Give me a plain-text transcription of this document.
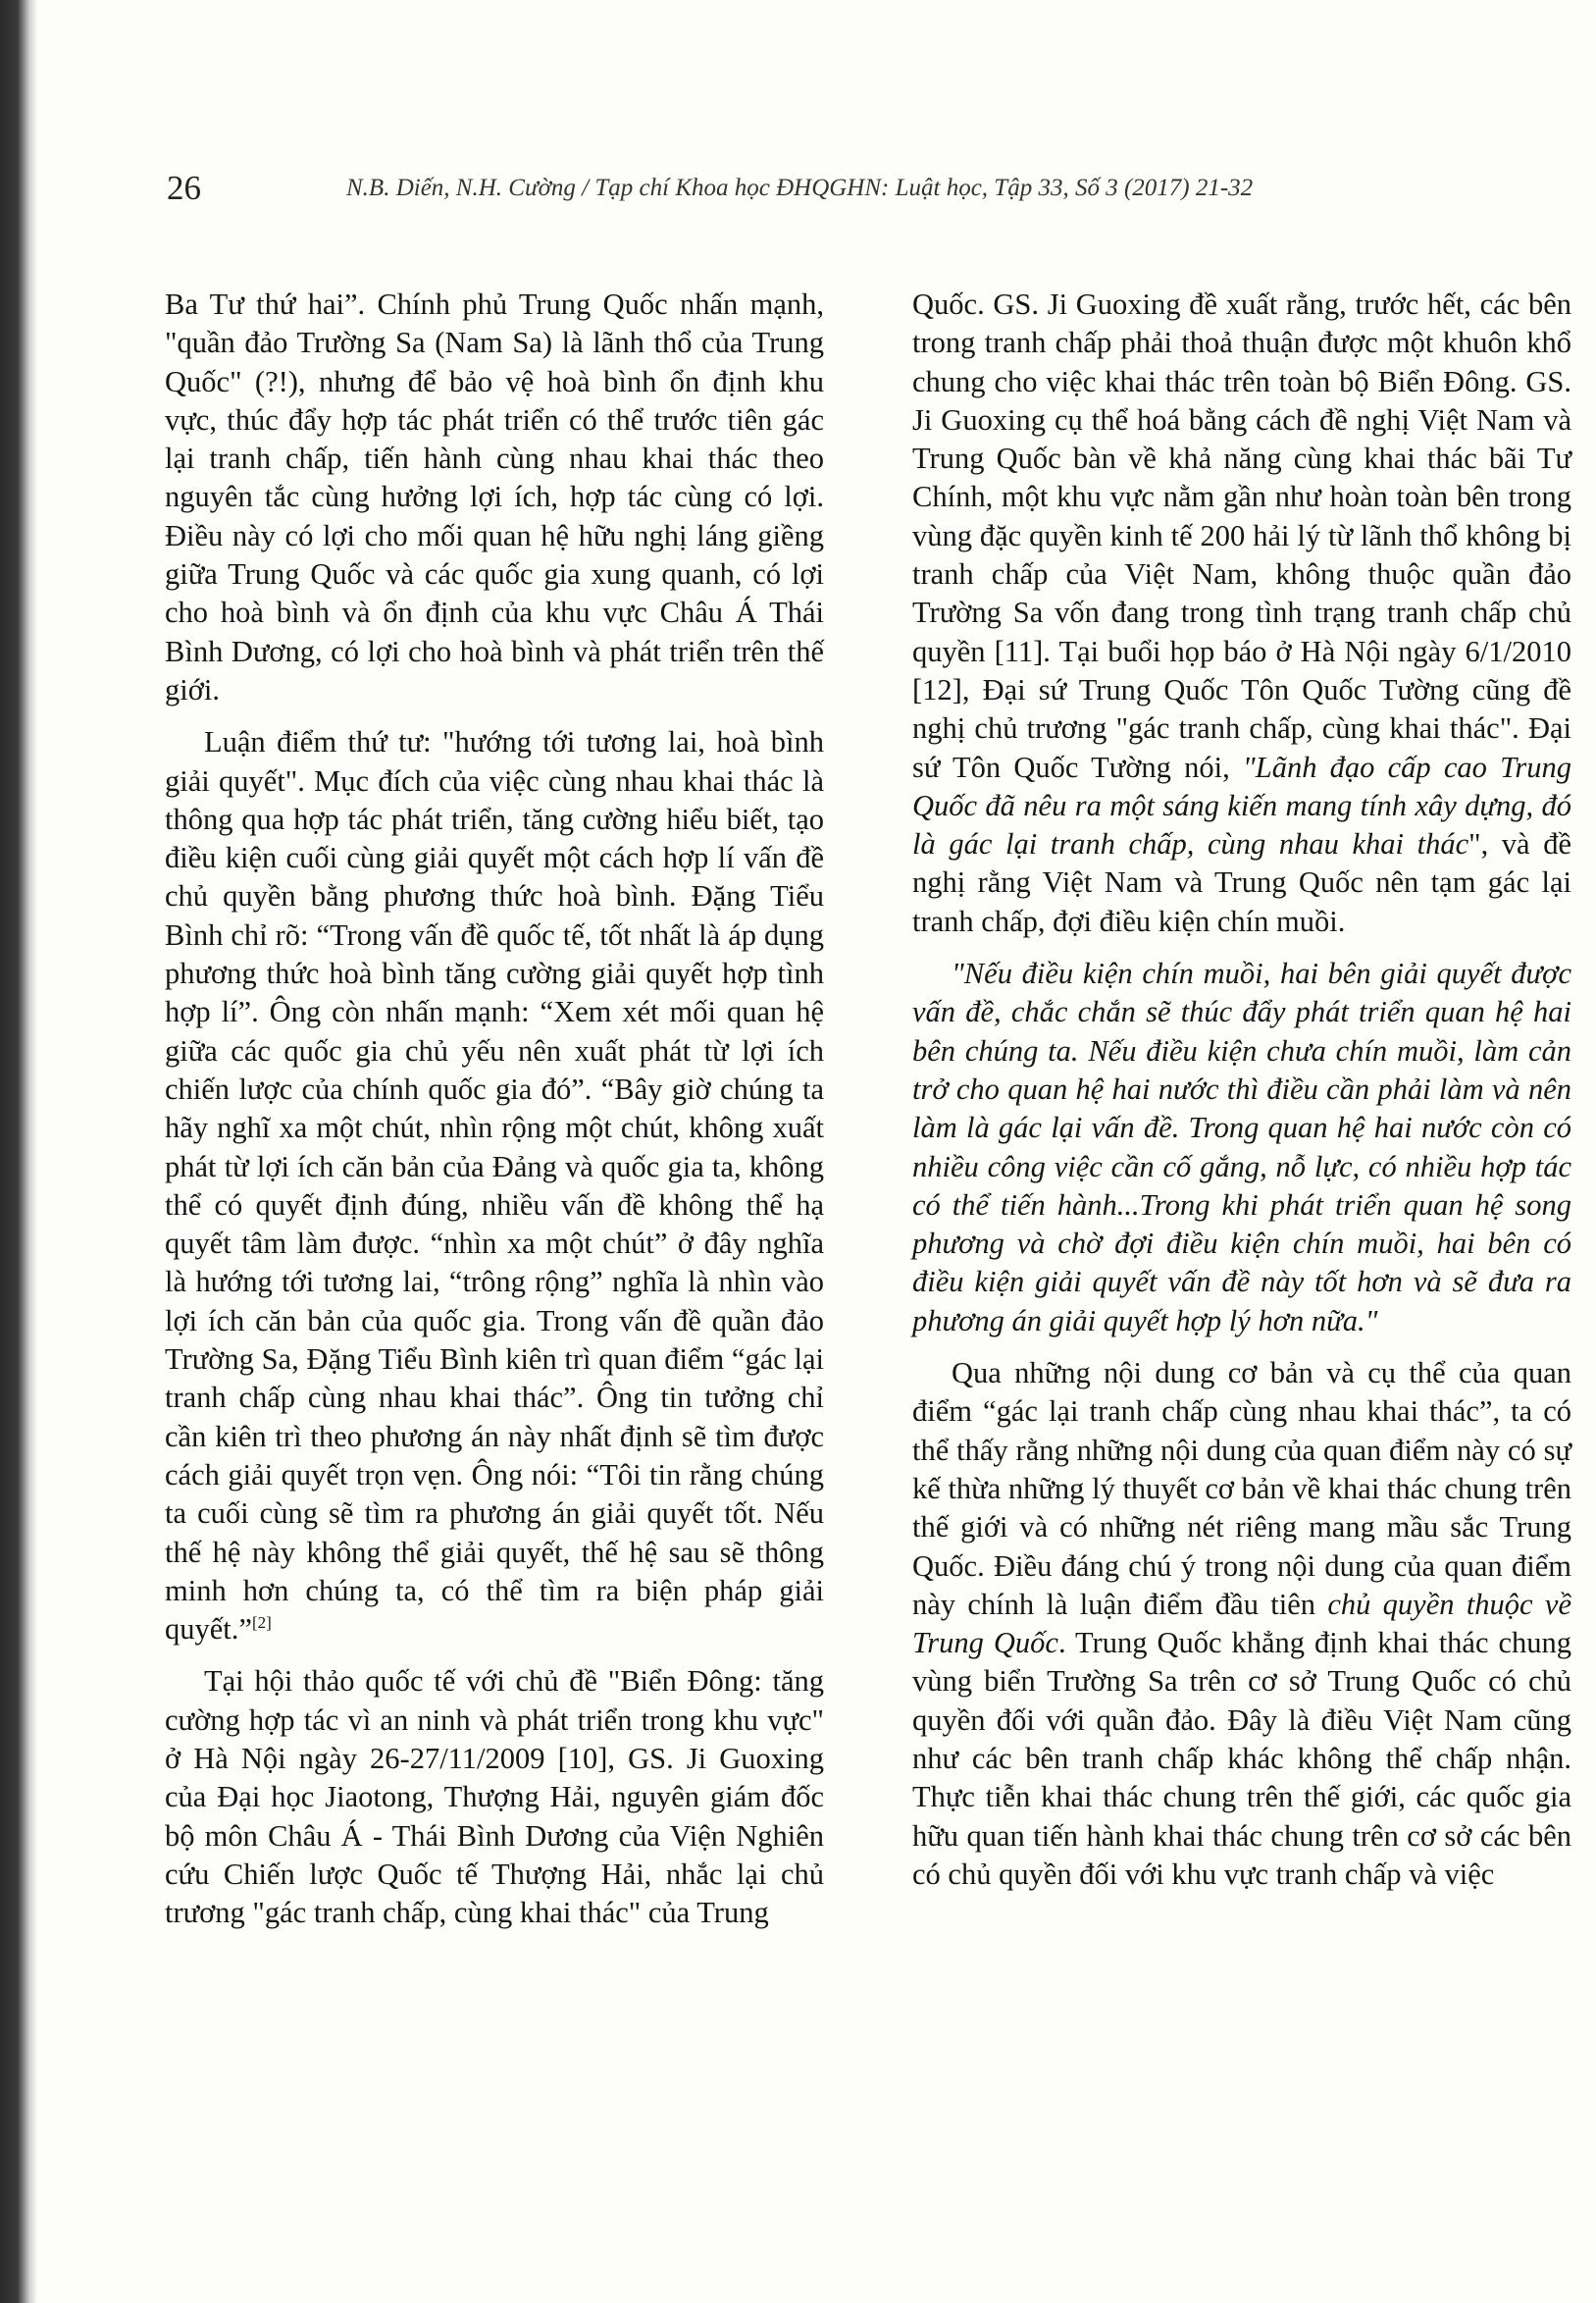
26	N.B. Diến, N.H. Cường / Tạp chí Khoa học ĐHQGHN: Luật học, Tập 33, Số 3 (2017) 21-32

Ba Tư thứ hai”. Chính phủ Trung Quốc nhấn mạnh, "quần đảo Trường Sa (Nam Sa) là lãnh thổ của Trung Quốc" (?!), nhưng để bảo vệ hoà bình ổn định khu vực, thúc đẩy hợp tác phát triển có thể trước tiên gác lại tranh chấp, tiến hành cùng nhau khai thác theo nguyên tắc cùng hưởng lợi ích, hợp tác cùng có lợi. Điều này có lợi cho mối quan hệ hữu nghị láng giềng giữa Trung Quốc và các quốc gia xung quanh, có lợi cho hoà bình và ổn định của khu vực Châu Á Thái Bình Dương, có lợi cho hoà bình và phát triển trên thế giới.

Luận điểm thứ tư: "hướng tới tương lai, hoà bình giải quyết". Mục đích của việc cùng nhau khai thác là thông qua hợp tác phát triển, tăng cường hiểu biết, tạo điều kiện cuối cùng giải quyết một cách hợp lí vấn đề chủ quyền bằng phương thức hoà bình. Đặng Tiểu Bình chỉ rõ: “Trong vấn đề quốc tế, tốt nhất là áp dụng phương thức hoà bình tăng cường giải quyết hợp tình hợp lí”. Ông còn nhấn mạnh: “Xem xét mối quan hệ giữa các quốc gia chủ yếu nên xuất phát từ lợi ích chiến lược của chính quốc gia đó”. “Bây giờ chúng ta hãy nghĩ xa một chút, nhìn rộng một chút, không xuất phát từ lợi ích căn bản của Đảng và quốc gia ta, không thể có quyết định đúng, nhiều vấn đề không thể hạ quyết tâm làm được. “nhìn xa một chút” ở đây nghĩa là hướng tới tương lai, “trông rộng” nghĩa là nhìn vào lợi ích căn bản của quốc gia. Trong vấn đề quần đảo Trường Sa, Đặng Tiểu Bình kiên trì quan điểm “gác lại tranh chấp cùng nhau khai thác”. Ông tin tưởng chỉ cần kiên trì theo phương án này nhất định sẽ tìm được cách giải quyết trọn vẹn. Ông nói: “Tôi tin rằng chúng ta cuối cùng sẽ tìm ra phương án giải quyết tốt. Nếu thế hệ này không thể giải quyết, thế hệ sau sẽ thông minh hơn chúng ta, có thể tìm ra biện pháp giải quyết.”[2]

Tại hội thảo quốc tế với chủ đề "Biển Đông: tăng cường hợp tác vì an ninh và phát triển trong khu vực" ở Hà Nội ngày 26-27/11/2009 [10], GS. Ji Guoxing của Đại học Jiaotong, Thượng Hải, nguyên giám đốc bộ môn Châu Á - Thái Bình Dương của Viện Nghiên cứu Chiến lược Quốc tế Thượng Hải, nhắc lại chủ trương "gác tranh chấp, cùng khai thác" của Trung

Quốc. GS. Ji Guoxing đề xuất rằng, trước hết, các bên trong tranh chấp phải thoả thuận được một khuôn khổ chung cho việc khai thác trên toàn bộ Biển Đông. GS. Ji Guoxing cụ thể hoá bằng cách đề nghị Việt Nam và Trung Quốc bàn về khả năng cùng khai thác bãi Tư Chính, một khu vực nằm gần như hoàn toàn bên trong vùng đặc quyền kinh tế 200 hải lý từ lãnh thổ không bị tranh chấp của Việt Nam, không thuộc quần đảo Trường Sa vốn đang trong tình trạng tranh chấp chủ quyền [11]. Tại buổi họp báo ở Hà Nội ngày 6/1/2010 [12], Đại sứ Trung Quốc Tôn Quốc Tường cũng đề nghị chủ trương "gác tranh chấp, cùng khai thác". Đại sứ Tôn Quốc Tường nói, "Lãnh đạo cấp cao Trung Quốc đã nêu ra một sáng kiến mang tính xây dựng, đó là gác lại tranh chấp, cùng nhau khai thác", và đề nghị rằng Việt Nam và Trung Quốc nên tạm gác lại tranh chấp, đợi điều kiện chín muồi.

"Nếu điều kiện chín muồi, hai bên giải quyết được vấn đề, chắc chắn sẽ thúc đẩy phát triển quan hệ hai bên chúng ta. Nếu điều kiện chưa chín muồi, làm cản trở cho quan hệ hai nước thì điều cần phải làm và nên làm là gác lại vấn đề. Trong quan hệ hai nước còn có nhiều công việc cần cố gắng, nỗ lực, có nhiều hợp tác có thể tiến hành...Trong khi phát triển quan hệ song phương và chờ đợi điều kiện chín muồi, hai bên có điều kiện giải quyết vấn đề này tốt hơn và sẽ đưa ra phương án giải quyết hợp lý hơn nữa."

Qua những nội dung cơ bản và cụ thể của quan điểm “gác lại tranh chấp cùng nhau khai thác”, ta có thể thấy rằng những nội dung của quan điểm này có sự kế thừa những lý thuyết cơ bản về khai thác chung trên thế giới và có những nét riêng mang mầu sắc Trung Quốc. Điều đáng chú ý trong nội dung của quan điểm này chính là luận điểm đầu tiên chủ quyền thuộc về Trung Quốc. Trung Quốc khẳng định khai thác chung vùng biển Trường Sa trên cơ sở Trung Quốc có chủ quyền đối với quần đảo. Đây là điều Việt Nam cũng như các bên tranh chấp khác không thể chấp nhận. Thực tiễn khai thác chung trên thế giới, các quốc gia hữu quan tiến hành khai thác chung trên cơ sở các bên có chủ quyền đối với khu vực tranh chấp và việc
